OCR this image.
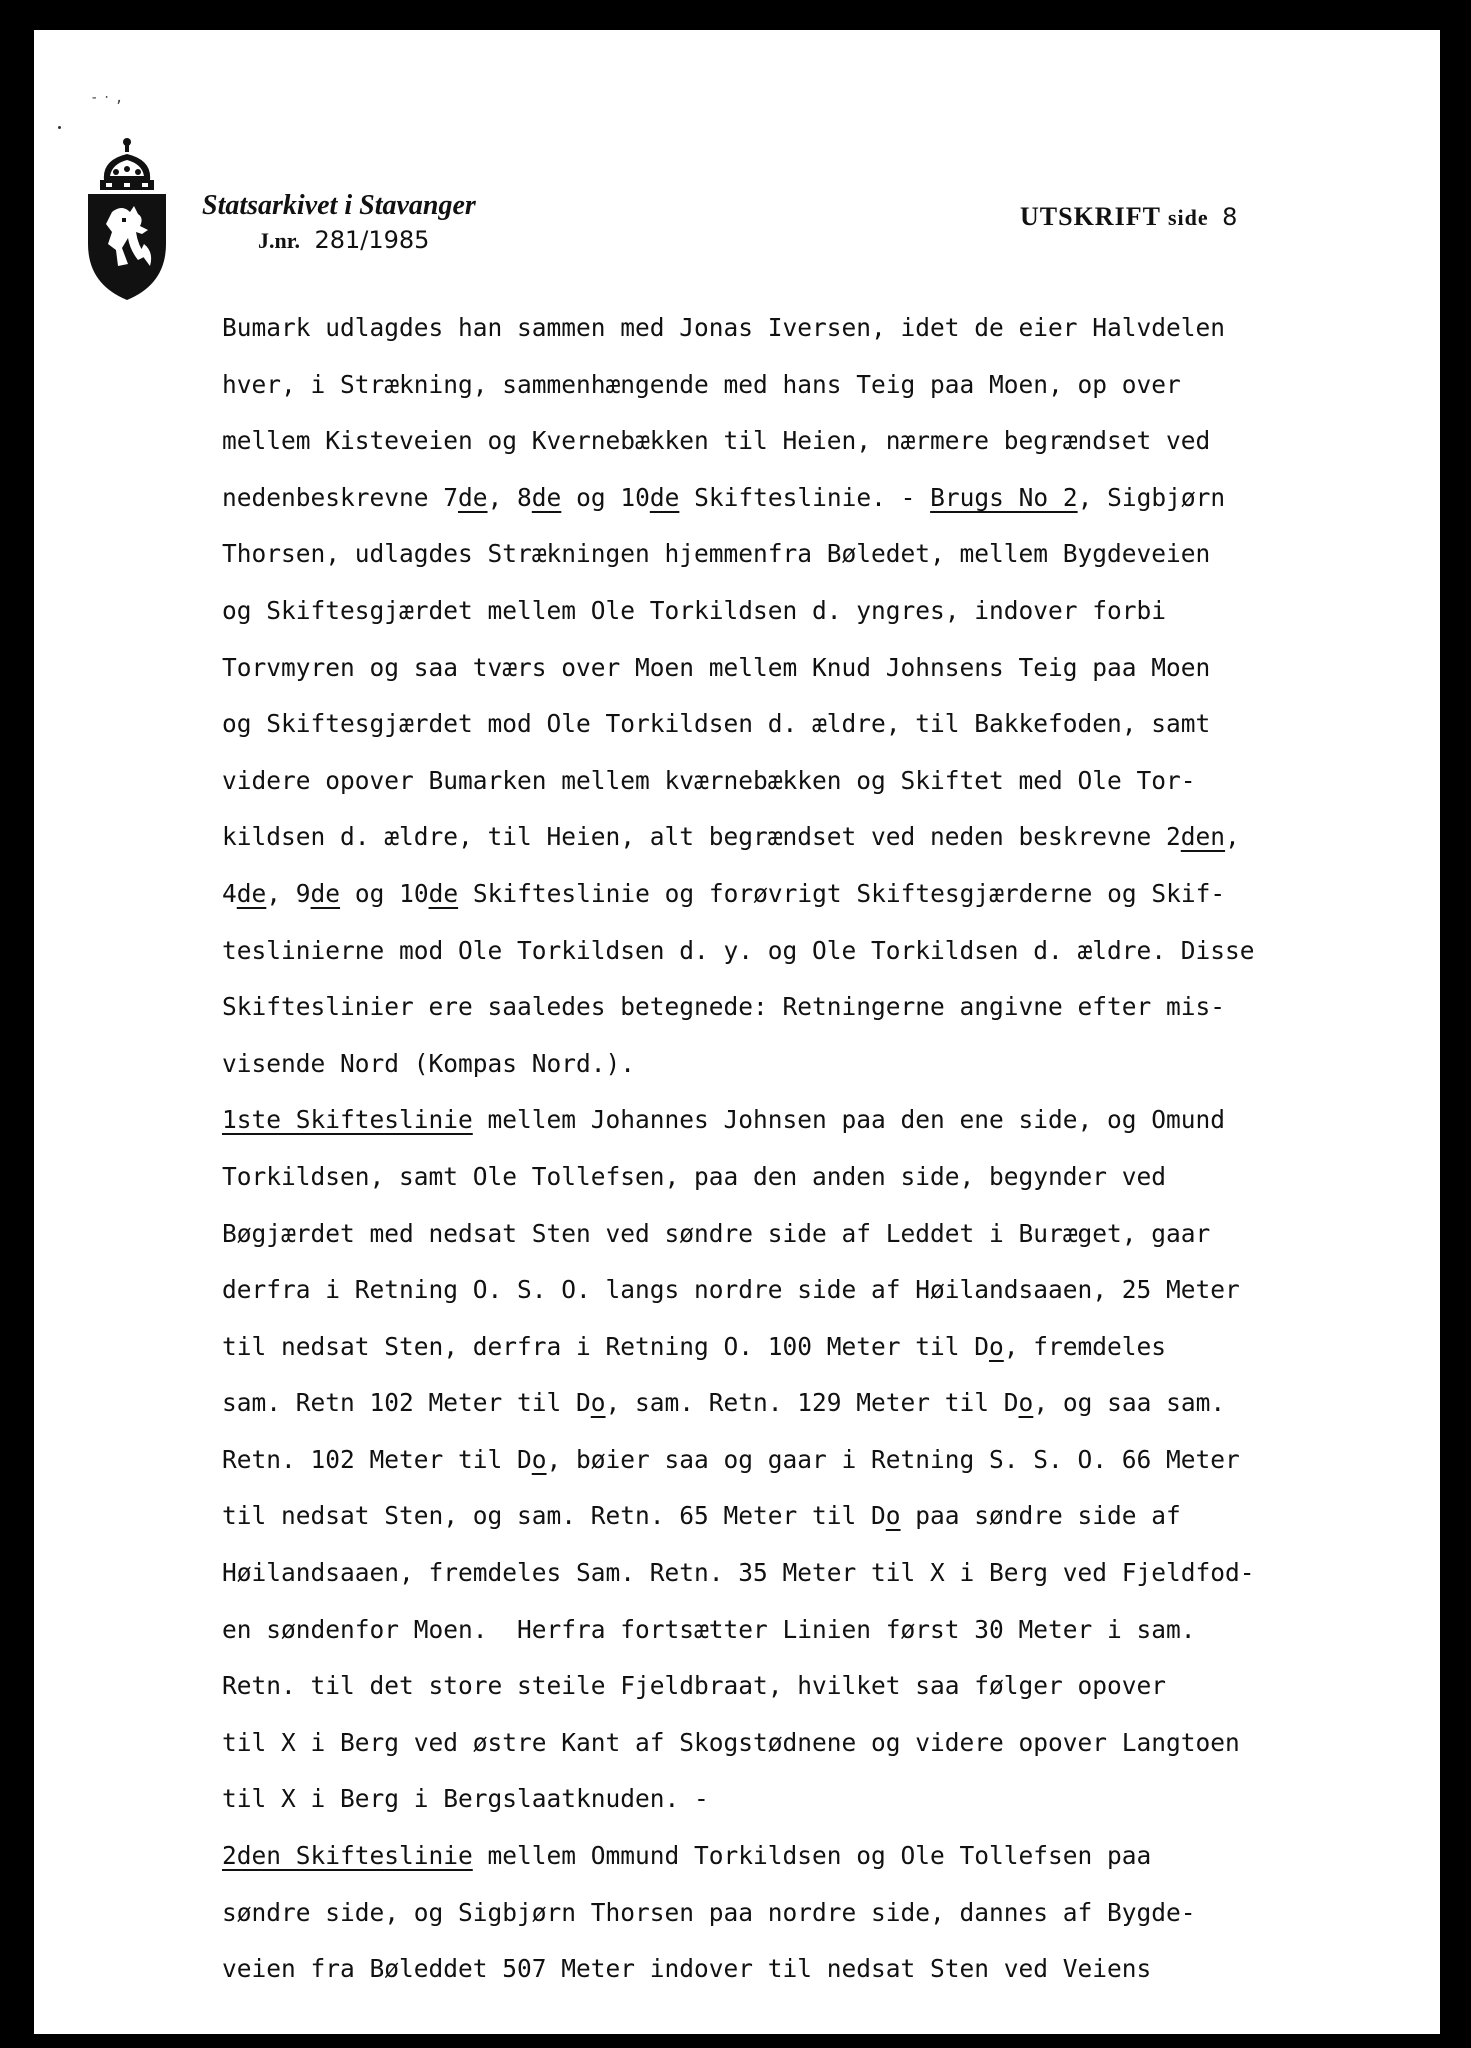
-‧,
Statsarkivet i Stavanger
J.nr. 281/1985
UTSKRIFT side 8
Bumark udlagdes han sammen med Jonas Iversen, idet de eier Halvdelen
hver, i Strækning, sammenhængende med hans Teig paa Moen, op over
mellem Kisteveien og Kvernebækken til Heien, nærmere begrændset ved
nedenbeskrevne 7de, 8de og 10de Skifteslinie. - Brugs No 2, Sigbjørn
Thorsen, udlagdes Strækningen hjemmenfra Bøledet, mellem Bygdeveien
og Skiftesgjærdet mellem Ole Torkildsen d. yngres, indover forbi
Torvmyren og saa tværs over Moen mellem Knud Johnsens Teig paa Moen
og Skiftesgjærdet mod Ole Torkildsen d. ældre, til Bakkefoden, samt
videre opover Bumarken mellem kværnebækken og Skiftet med Ole Tor-
kildsen d. ældre, til Heien, alt begrændset ved neden beskrevne 2den,
4de, 9de og 10de Skifteslinie og forøvrigt Skiftesgjærderne og Skif-
teslinierne mod Ole Torkildsen d. y. og Ole Torkildsen d. ældre. Disse
Skifteslinier ere saaledes betegnede: Retningerne angivne efter mis-
visende Nord (Kompas Nord.).
1ste Skifteslinie mellem Johannes Johnsen paa den ene side, og Omund
Torkildsen, samt Ole Tollefsen, paa den anden side, begynder ved
Bøgjærdet med nedsat Sten ved søndre side af Leddet i Buræget, gaar
derfra i Retning O. S. O. langs nordre side af Høilandsaaen, 25 Meter
til nedsat Sten, derfra i Retning O. 100 Meter til Do, fremdeles
sam. Retn 102 Meter til Do, sam. Retn. 129 Meter til Do, og saa sam.
Retn. 102 Meter til Do, bøier saa og gaar i Retning S. S. O. 66 Meter
til nedsat Sten, og sam. Retn. 65 Meter til Do paa søndre side af
Høilandsaaen, fremdeles Sam. Retn. 35 Meter til X i Berg ved Fjeldfod-
en søndenfor Moen.  Herfra fortsætter Linien først 30 Meter i sam.
Retn. til det store steile Fjeldbraat, hvilket saa følger opover
til X i Berg ved østre Kant af Skogstødnene og videre opover Langtoen
til X i Berg i Bergslaatknuden. -
2den Skifteslinie mellem Ommund Torkildsen og Ole Tollefsen paa
søndre side, og Sigbjørn Thorsen paa nordre side, dannes af Bygde-
veien fra Bøleddet 507 Meter indover til nedsat Sten ved Veiens
